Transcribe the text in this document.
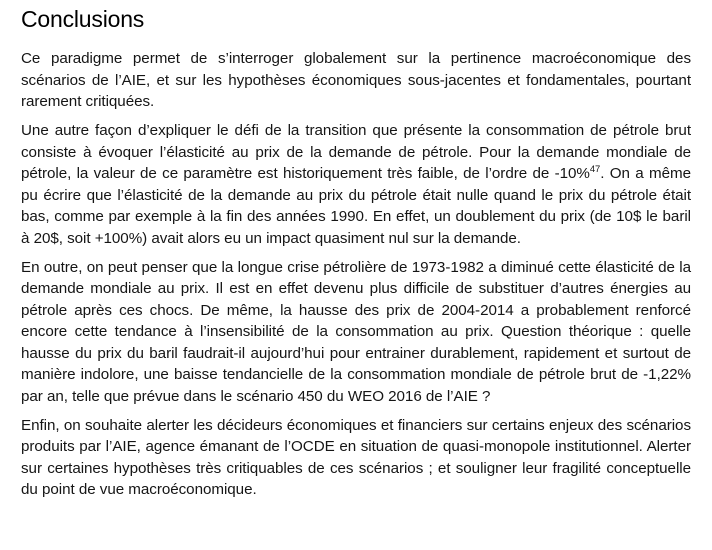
Conclusions

Ce paradigme permet de s’interroger globalement sur la pertinence macroéconomique des scénarios de l’AIE, et sur les hypothèses économiques sous-jacentes et fondamentales, pourtant rarement critiquées.

Une autre façon d’expliquer le défi de la transition que présente la consommation de pétrole brut consiste à évoquer l’élasticité au prix de la demande de pétrole. Pour la demande mondiale de pétrole, la valeur de ce paramètre est historiquement très faible, de l’ordre de -10%$^{47}$. On a même pu écrire que l’élasticité de la demande au prix du pétrole était nulle quand le prix du pétrole était bas, comme par exemple à la fin des années 1990. En effet, un doublement du prix (de 10$ le baril à 20$, soit +100%) avait alors eu un impact quasiment nul sur la demande.

En outre, on peut penser que la longue crise pétrolière de 1973-1982 a diminué cette élasticité de la demande mondiale au prix. Il est en effet devenu plus difficile de substituer d’autres énergies au pétrole après ces chocs. De même, la hausse des prix de 2004-2014 a probablement renforcé encore cette tendance à l’insensibilité de la consommation au prix. Question théorique : quelle hausse du prix du baril faudrait-il aujourd’hui pour entrainer durablement, rapidement et surtout de manière indolore, une baisse tendancielle de la consommation mondiale de pétrole brut de -1,22% par an, telle que prévue dans le scénario 450 du WEO 2016 de l’AIE ?

Enfin, on souhaite alerter les décideurs économiques et financiers sur certains enjeux des scénarios produits par l’AIE, agence émanant de l’OCDE en situation de quasi-monopole institutionnel. Alerter sur certaines hypothèses très critiquables de ces scénarios ; et souligner leur fragilité conceptuelle du point de vue macroéconomique.
